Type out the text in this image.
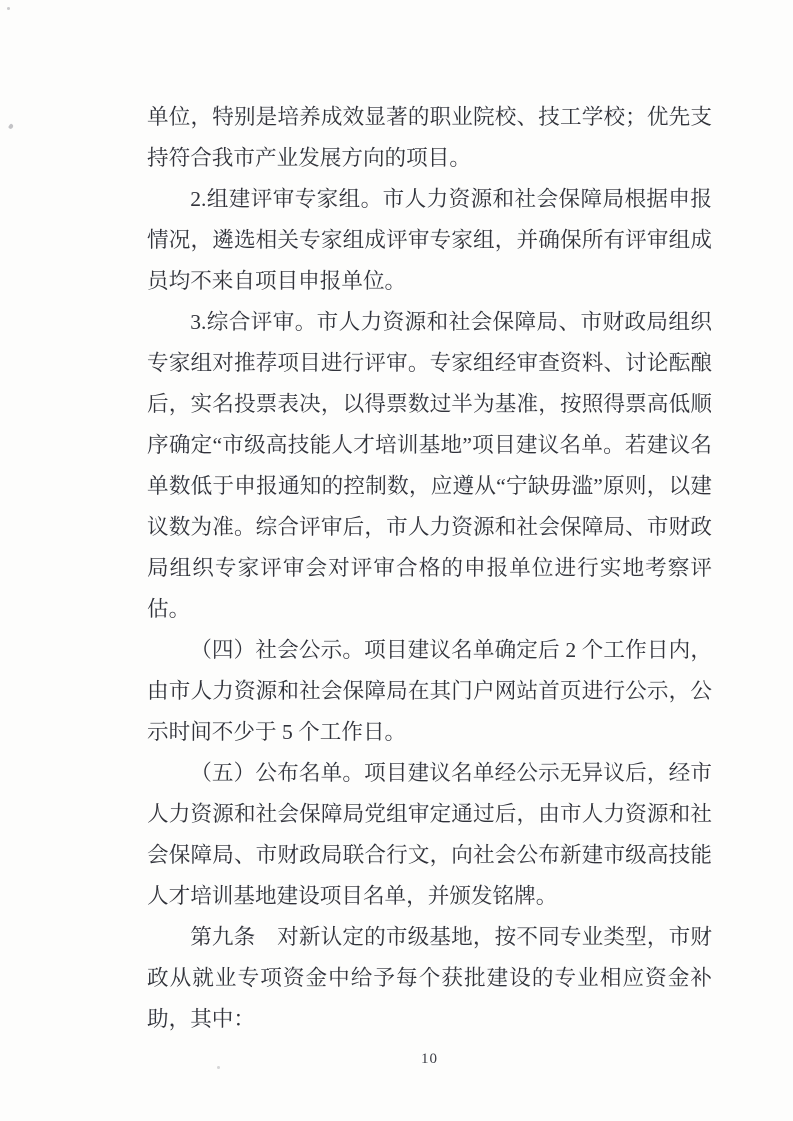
单位，特别是培养成效显著的职业院校、技工学校；优先支持符合我市产业发展方向的项目。

2.组建评审专家组。市人力资源和社会保障局根据申报情况，遴选相关专家组成评审专家组，并确保所有评审组成员均不来自项目申报单位。

3.综合评审。市人力资源和社会保障局、市财政局组织专家组对推荐项目进行评审。专家组经审查资料、讨论酝酿后，实名投票表决，以得票数过半为基准，按照得票高低顺序确定“市级高技能人才培训基地”项目建议名单。若建议名单数低于申报通知的控制数，应遵从“宁缺毋滥”原则，以建议数为准。综合评审后，市人力资源和社会保障局、市财政局组织专家评审会对评审合格的申报单位进行实地考察评估。

（四）社会公示。项目建议名单确定后 2 个工作日内，由市人力资源和社会保障局在其门户网站首页进行公示，公示时间不少于 5 个工作日。

（五）公布名单。项目建议名单经公示无异议后，经市人力资源和社会保障局党组审定通过后，由市人力资源和社会保障局、市财政局联合行文，向社会公布新建市级高技能人才培训基地建设项目名单，并颁发铭牌。

第九条　对新认定的市级基地，按不同专业类型，市财政从就业专项资金中给予每个获批建设的专业相应资金补助，其中：

10
